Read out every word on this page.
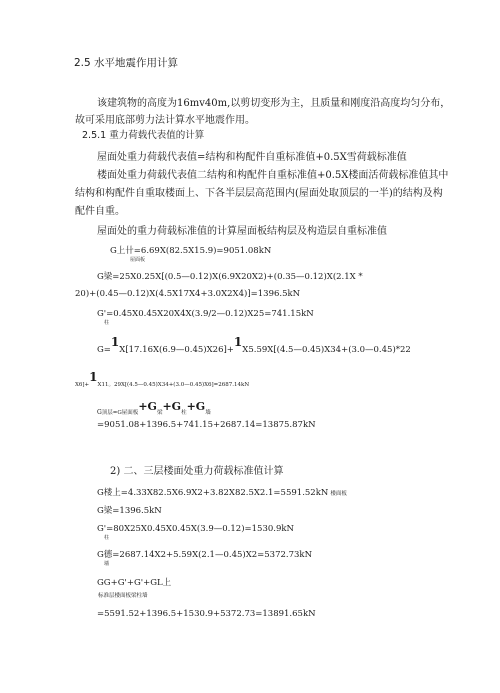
2.5 水平地震作用计算
该建筑物的高度为16mv40m,以剪切变形为主，且质量和刚度沿高度均匀分布，
故可采用底部剪力法计算水平地震作用。
2.5.1 重力荷载代表值的计算
屋面处重力荷载代表值=结构和构配件自重标准值+0.5X雪荷载标准值
楼面处重力荷载代表值二结构和构配件自重标准值+0.5X楼面活荷载标准值其中
结构和构配件自重取楼面上、下各半层层高范围内(屋面处取顶层的一半)的结构及构
配件自重。
屋面处的重力荷载标准值的计算屋面板结构层及构造层自重标准值
G上卄=6.69X(82.5X15.9)=9051.08kN
屋面板
G梁=25X0.25X[(0.5—0.12)X(6.9X20X2)+(0.35—0.12)X(2.1X *
20)+(0.45—0.12)X(4.5X17X4+3.0X2X4)]=1396.5kN
G'=0.45X0.45X20X4X(3.9/2—0.12)X25=741.15kN
柱
G=1X[17.16X(6.9—0.45)X26]+1X5.59X[(4.5—0.45)X34+(3.0—0.45)*22
X6]+1X11。29X[(4.5—0.45)X34+(3.0—0.45)X6]=2687.14kN
G顶层=G屋面板+G梁+G柱+G墙
=9051.08+1396.5+741.15+2687.14=13875.87kN
2) 二、三层楼面处重力荷载标准值计算
G楼上=4.33X82.5X6.9X2+3.82X82.5X2.1=5591.52kN 楼面板
G梁=1396.5kN
G'=80X25X0.45X0.45X(3.9—0.12)=1530.9kN
柱
G德=2687.14X2+5.59X(2.1—0.45)X2=5372.73kN
墙
GG+G'+G'+GL上
标准层楼面板梁柱墙
=5591.52+1396.5+1530.9+5372.73=13891.65kN
